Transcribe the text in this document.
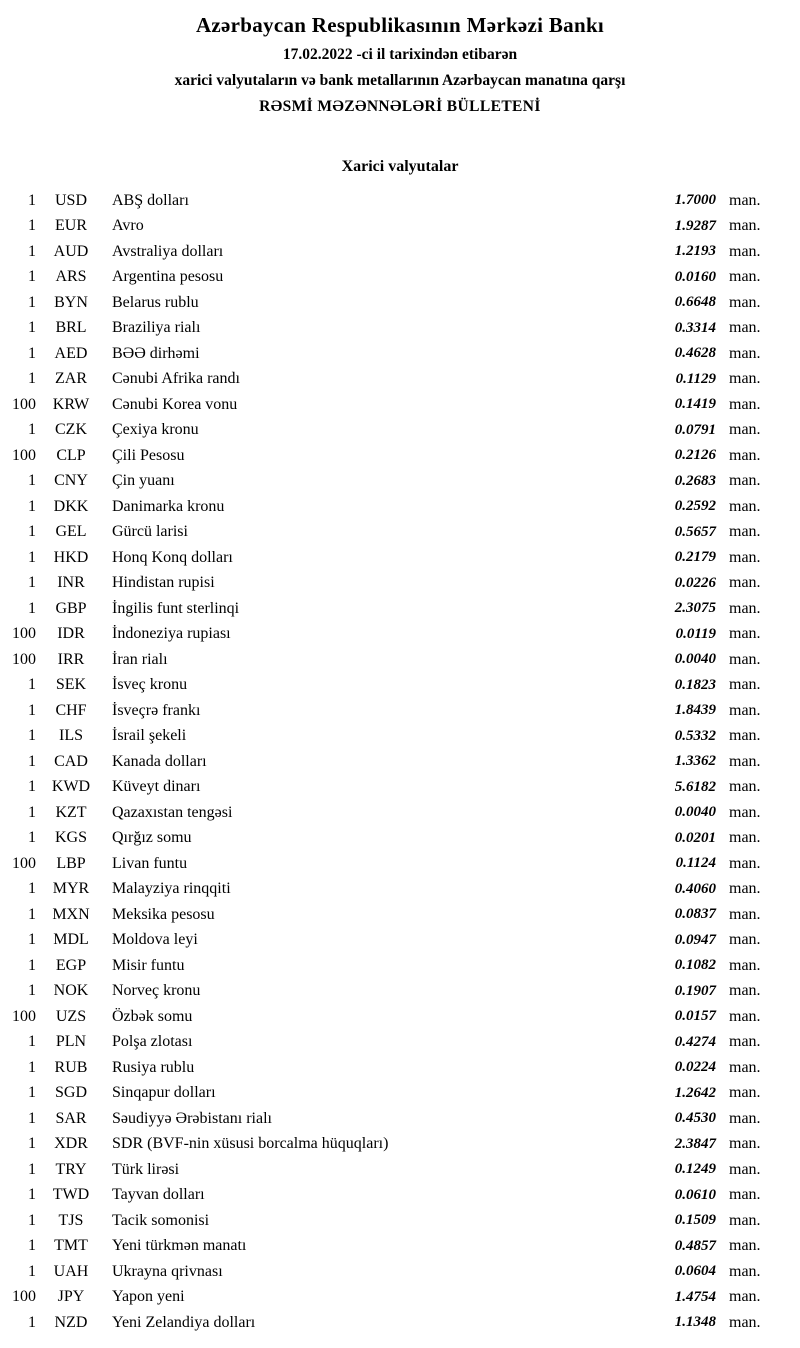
Azərbaycan Respublikasının Mərkəzi Bankı
17.02.2022 -ci il tarixindən etibarən
xarici valyutaların və bank metallarının Azərbaycan manatına qarşı
RƏSMİ MƏZƏNNƏLƏRİ BÜLLETENİ
Xarici valyutalar
1	USD	ABŞ dolları	1.7000 man.
1	EUR	Avro	1.9287 man.
1	AUD	Avstraliya dolları	1.2193 man.
1	ARS	Argentina pesosu	0.0160 man.
1	BYN	Belarus rublu	0.6648 man.
1	BRL	Braziliya rialı	0.3314 man.
1	AED	BƏƏ dirhəmi	0.4628 man.
1	ZAR	Cənubi Afrika randı	0.1129 man.
100	KRW	Cənubi Korea vonu	0.1419 man.
1	CZK	Çexiya kronu	0.0791 man.
100	CLP	Çili Pesosu	0.2126 man.
1	CNY	Çin yuanı	0.2683 man.
1	DKK	Danimarka kronu	0.2592 man.
1	GEL	Gürcü larisi	0.5657 man.
1	HKD	Honq Konq dolları	0.2179 man.
1	INR	Hindistan rupisi	0.0226 man.
1	GBP	İngilis funt sterlinqi	2.3075 man.
100	IDR	İndoneziya rupiası	0.0119 man.
100	IRR	İran rialı	0.0040 man.
1	SEK	İsveç kronu	0.1823 man.
1	CHF	İsveçrə frankı	1.8439 man.
1	ILS	İsrail şekeli	0.5332 man.
1	CAD	Kanada dolları	1.3362 man.
1 KWD	Küveyt dinarı	5.6182 man.
1	KZT	Qazaxıstan tengəsi	0.0040 man.
1	KGS	Qırğız somu	0.0201 man.
100	LBP	Livan funtu	0.1124 man.
1	MYR	Malayziya rinqqiti	0.4060 man.
1	MXN	Meksika pesosu	0.0837 man.
1	MDL	Moldova leyi	0.0947 man.
1	EGP	Misir funtu	0.1082 man.
1	NOK	Norveç kronu	0.1907 man.
100	UZS	Özbək somu	0.0157 man.
1	PLN	Polşa zlotası	0.4274 man.
1	RUB	Rusiya rublu	0.0224 man.
1	SGD	Sinqapur dolları	1.2642 man.
1	SAR	Səudiyyə Ərəbistanı rialı	0.4530 man.
1	XDR	SDR (BVF-nin xüsusi borcalma hüquqları)	2.3847 man.
1	TRY	Türk lirəsi	0.1249 man.
1	TWD	Tayvan dolları	0.0610 man.
1	TJS	Tacik somonisi	0.1509 man.
1	TMT	Yeni türkmən manatı	0.4857 man.
1	UAH	Ukrayna qrivnası	0.0604 man.
100	JPY	Yapon yeni	1.4754 man.
1	NZD	Yeni Zelandiya dolları	1.1348 man.
